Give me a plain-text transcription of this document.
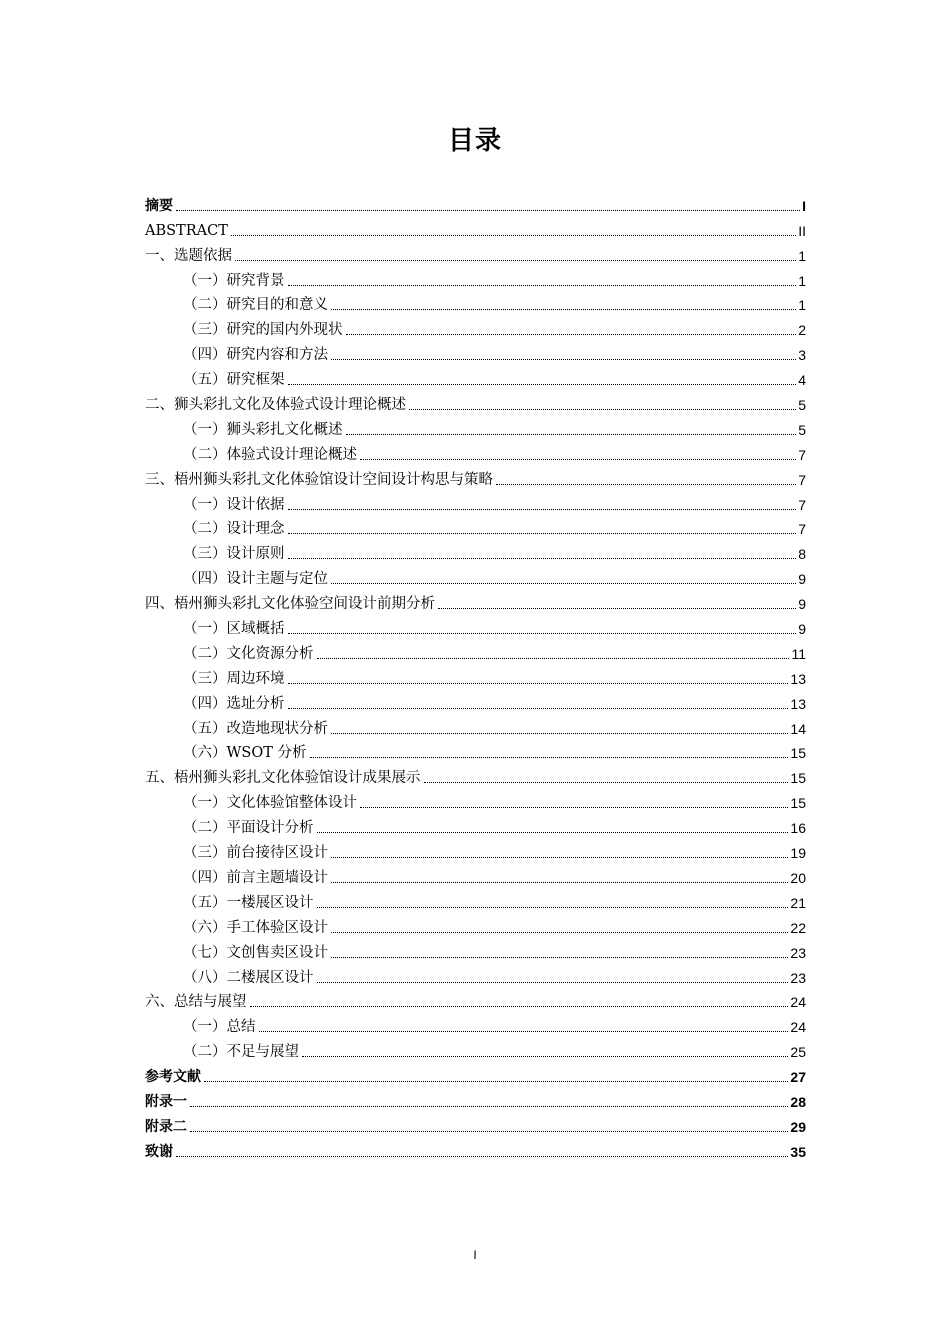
目录
摘要	I
ABSTRACT	II
一、选题依据	1
（一）研究背景	1
（二）研究目的和意义	1
（三）研究的国内外现状	2
（四）研究内容和方法	3
（五）研究框架	4
二、狮头彩扎文化及体验式设计理论概述	5
（一）狮头彩扎文化概述	5
（二）体验式设计理论概述	7
三、梧州狮头彩扎文化体验馆设计空间设计构思与策略	7
（一）设计依据	7
（二）设计理念	7
（三）设计原则	8
（四）设计主题与定位	9
四、梧州狮头彩扎文化体验空间设计前期分析	9
（一）区域概括	9
（二）文化资源分析	11
（三）周边环境	13
（四）选址分析	13
（五）改造地现状分析	14
（六）WSOT 分析	15
五、梧州狮头彩扎文化体验馆设计成果展示	15
（一）文化体验馆整体设计	15
（二）平面设计分析	16
（三）前台接待区设计	19
（四）前言主题墙设计	20
（五）一楼展区设计	21
（六）手工体验区设计	22
（七）文创售卖区设计	23
（八）二楼展区设计	23
六、总结与展望	24
（一）总结	24
（二）不足与展望	25
参考文献	27
附录一	28
附录二	29
致谢	35
I
